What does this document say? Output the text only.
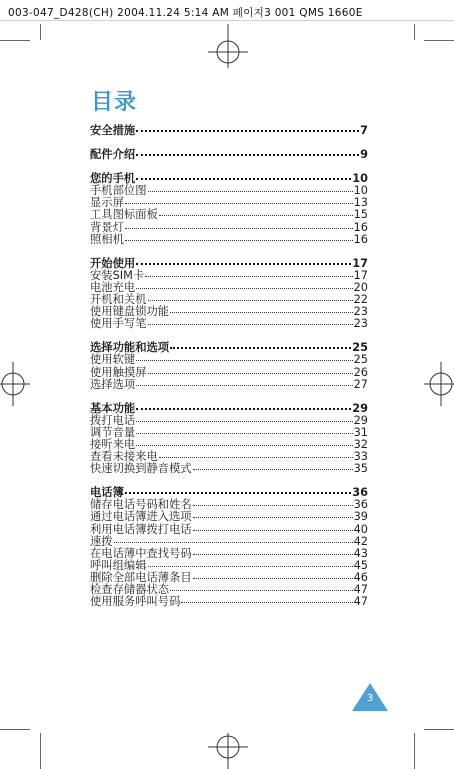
003-047_D428(CH) 2004.11.24 5:14 AM 페이지3 001 QMS 1660E
目录
安全措施	7
配件介绍	9
您的手机	10
手机部位图	10
显示屏	13
工具图标面板	15
背景灯	16
照相机	16
开始使用	17
安装SIM卡	17
电池充电	20
开机和关机	22
使用键盘锁功能	23
使用手写笔	23
选择功能和选项	25
使用软键	25
使用触摸屏	26
选择选项	27
基本功能	29
拨打电话	29
调节音量	31
接听来电	32
查看未接来电	33
快速切换到静音模式	35
电话簿	36
储存电话号码和姓名	36
通过电话簿进入选项	39
利用电话簿拨打电话	40
速拨	42
在电话薄中查找号码	43
呼叫组编辑	45
删除全部电话薄条目	46
检查存储器状态	47
使用服务呼叫号码	47
3
